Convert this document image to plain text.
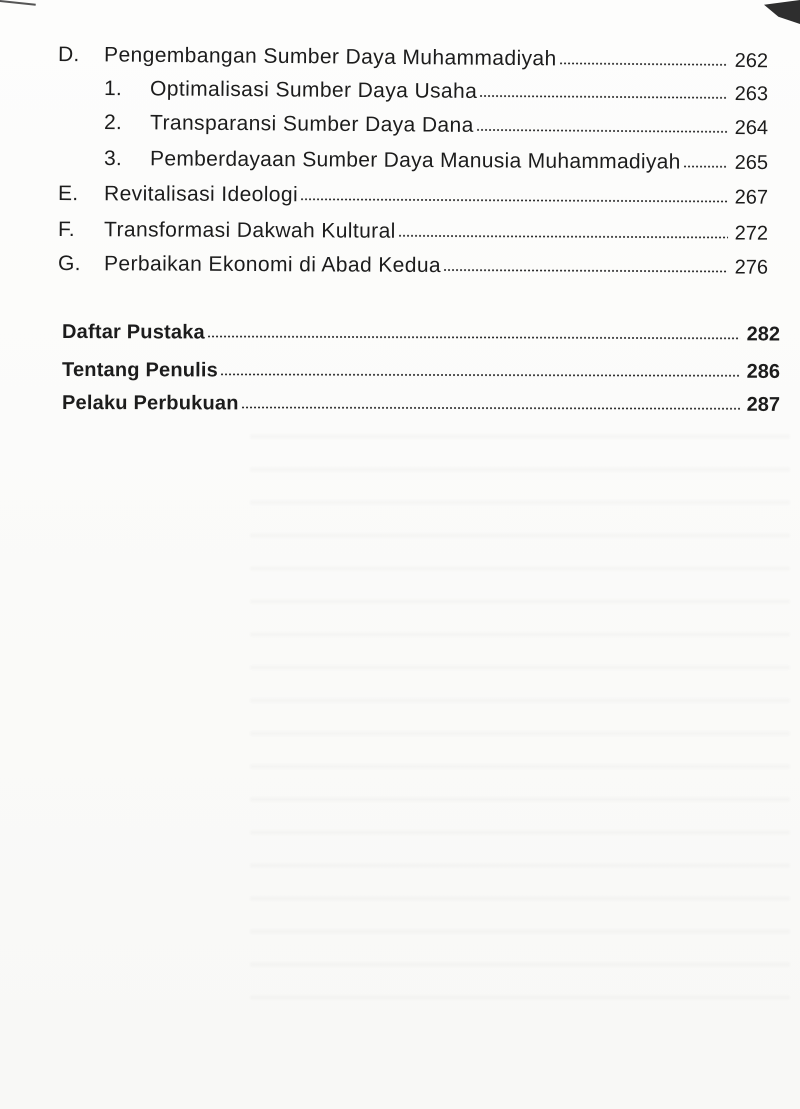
D.	Pengembangan Sumber Daya Muhammadiyah	262
1.	Optimalisasi Sumber Daya Usaha	263
2.	Transparansi Sumber Daya Dana	264
3.	Pemberdayaan Sumber Daya Manusia Muhammadiyah	265
E.	Revitalisasi Ideologi	267
F.	Transformasi Dakwah Kultural	272
G.	Perbaikan Ekonomi di Abad Kedua	276
Daftar Pustaka	282
Tentang Penulis	286
Pelaku Perbukuan	287
